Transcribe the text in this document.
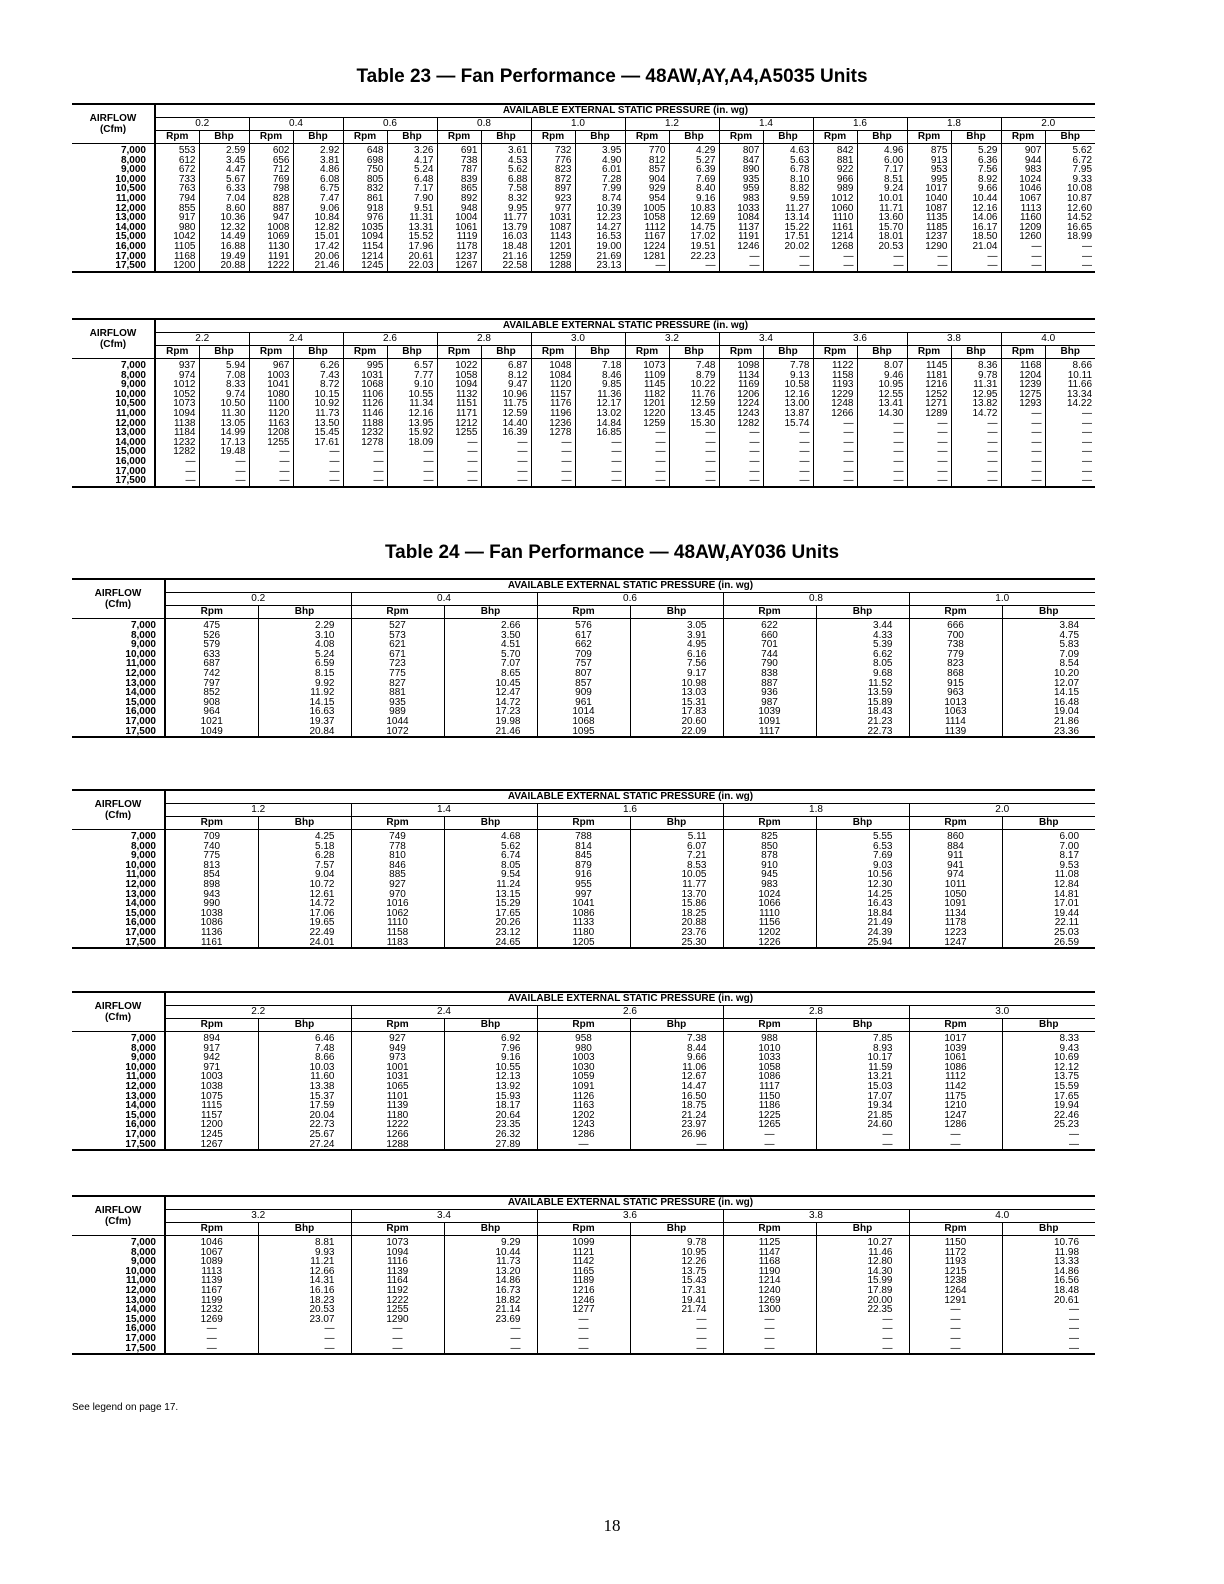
Table 23 — Fan Performance — 48AW,AY,A4,A5035 Units
AIRFLOW
(Cfm)	AVAILABLE EXTERNAL STATIC PRESSURE (in. wg)																			
	0.2		0.4		0.6		0.8		1.0		1.2		1.4		1.6		1.8		2.0	
	Rpm	Bhp	Rpm	Bhp	Rpm	Bhp	Rpm	Bhp	Rpm	Bhp	Rpm	Bhp	Rpm	Bhp	Rpm	Bhp	Rpm	Bhp	Rpm	Bhp
7,000	553	2.59	602	2.92	648	3.26	691	3.61	732	3.95	770	4.29	807	4.63	842	4.96	875	5.29	907	5.62
8,000	612	3.45	656	3.81	698	4.17	738	4.53	776	4.90	812	5.27	847	5.63	881	6.00	913	6.36	944	6.72
9,000	672	4.47	712	4.86	750	5.24	787	5.62	823	6.01	857	6.39	890	6.78	922	7.17	953	7.56	983	7.95
10,000	733	5.67	769	6.08	805	6.48	839	6.88	872	7.28	904	7.69	935	8.10	966	8.51	995	8.92	1024	9.33
10,500	763	6.33	798	6.75	832	7.17	865	7.58	897	7.99	929	8.40	959	8.82	989	9.24	1017	9.66	1046	10.08
11,000	794	7.04	828	7.47	861	7.90	892	8.32	923	8.74	954	9.16	983	9.59	1012	10.01	1040	10.44	1067	10.87
12,000	855	8.60	887	9.06	918	9.51	948	9.95	977	10.39	1005	10.83	1033	11.27	1060	11.71	1087	12.16	1113	12.60
13,000	917	10.36	947	10.84	976	11.31	1004	11.77	1031	12.23	1058	12.69	1084	13.14	1110	13.60	1135	14.06	1160	14.52
14,000	980	12.32	1008	12.82	1035	13.31	1061	13.79	1087	14.27	1112	14.75	1137	15.22	1161	15.70	1185	16.17	1209	16.65
15,000	1042	14.49	1069	15.01	1094	15.52	1119	16.03	1143	16.53	1167	17.02	1191	17.51	1214	18.01	1237	18.50	1260	18.99
16,000	1105	16.88	1130	17.42	1154	17.96	1178	18.48	1201	19.00	1224	19.51	1246	20.02	1268	20.53	1290	21.04	—	—
17,000	1168	19.49	1191	20.06	1214	20.61	1237	21.16	1259	21.69	1281	22.23	—	—	—	—	—	—	—	—
17,500	1200	20.88	1222	21.46	1245	22.03	1267	22.58	1288	23.13	—	—	—	—	—	—	—	—	—	—
AIRFLOW
(Cfm)	AVAILABLE EXTERNAL STATIC PRESSURE (in. wg)																			
	2.2		2.4		2.6		2.8		3.0		3.2		3.4		3.6		3.8		4.0	
	Rpm	Bhp	Rpm	Bhp	Rpm	Bhp	Rpm	Bhp	Rpm	Bhp	Rpm	Bhp	Rpm	Bhp	Rpm	Bhp	Rpm	Bhp	Rpm	Bhp
7,000	937	5.94	967	6.26	995	6.57	1022	6.87	1048	7.18	1073	7.48	1098	7.78	1122	8.07	1145	8.36	1168	8.66
8,000	974	7.08	1003	7.43	1031	7.77	1058	8.12	1084	8.46	1109	8.79	1134	9.13	1158	9.46	1181	9.78	1204	10.11
9,000	1012	8.33	1041	8.72	1068	9.10	1094	9.47	1120	9.85	1145	10.22	1169	10.58	1193	10.95	1216	11.31	1239	11.66
10,000	1052	9.74	1080	10.15	1106	10.55	1132	10.96	1157	11.36	1182	11.76	1206	12.16	1229	12.55	1252	12.95	1275	13.34
10,500	1073	10.50	1100	10.92	1126	11.34	1151	11.75	1176	12.17	1201	12.59	1224	13.00	1248	13.41	1271	13.82	1293	14.22
11,000	1094	11.30	1120	11.73	1146	12.16	1171	12.59	1196	13.02	1220	13.45	1243	13.87	1266	14.30	1289	14.72	—	—
12,000	1138	13.05	1163	13.50	1188	13.95	1212	14.40	1236	14.84	1259	15.30	1282	15.74	—	—	—	—	—	—
13,000	1184	14.99	1208	15.45	1232	15.92	1255	16.39	1278	16.85	—	—	—	—	—	—	—	—	—	—
14,000	1232	17.13	1255	17.61	1278	18.09	—	—	—	—	—	—	—	—	—	—	—	—	—	—
15,000	1282	19.48	—	—	—	—	—	—	—	—	—	—	—	—	—	—	—	—	—	—
16,000	—	—	—	—	—	—	—	—	—	—	—	—	—	—	—	—	—	—	—	—
17,000	—	—	—	—	—	—	—	—	—	—	—	—	—	—	—	—	—	—	—	—
17,500	—	—	—	—	—	—	—	—	—	—	—	—	—	—	—	—	—	—	—	—
Table 24 — Fan Performance — 48AW,AY036 Units
AIRFLOW
(Cfm)	AVAILABLE EXTERNAL STATIC PRESSURE (in. wg)									
	0.2		0.4		0.6		0.8		1.0	
	Rpm	Bhp	Rpm	Bhp	Rpm	Bhp	Rpm	Bhp	Rpm	Bhp
7,000	475	2.29	527	2.66	576	3.05	622	3.44	666	3.84
8,000	526	3.10	573	3.50	617	3.91	660	4.33	700	4.75
9,000	579	4.08	621	4.51	662	4.95	701	5.39	738	5.83
10,000	633	5.24	671	5.70	709	6.16	744	6.62	779	7.09
11,000	687	6.59	723	7.07	757	7.56	790	8.05	823	8.54
12,000	742	8.15	775	8.65	807	9.17	838	9.68	868	10.20
13,000	797	9.92	827	10.45	857	10.98	887	11.52	915	12.07
14,000	852	11.92	881	12.47	909	13.03	936	13.59	963	14.15
15,000	908	14.15	935	14.72	961	15.31	987	15.89	1013	16.48
16,000	964	16.63	989	17.23	1014	17.83	1039	18.43	1063	19.04
17,000	1021	19.37	1044	19.98	1068	20.60	1091	21.23	1114	21.86
17,500	1049	20.84	1072	21.46	1095	22.09	1117	22.73	1139	23.36
AIRFLOW
(Cfm)	AVAILABLE EXTERNAL STATIC PRESSURE (in. wg)									
	1.2		1.4		1.6		1.8		2.0	
	Rpm	Bhp	Rpm	Bhp	Rpm	Bhp	Rpm	Bhp	Rpm	Bhp
7,000	709	4.25	749	4.68	788	5.11	825	5.55	860	6.00
8,000	740	5.18	778	5.62	814	6.07	850	6.53	884	7.00
9,000	775	6.28	810	6.74	845	7.21	878	7.69	911	8.17
10,000	813	7.57	846	8.05	879	8.53	910	9.03	941	9.53
11,000	854	9.04	885	9.54	916	10.05	945	10.56	974	11.08
12,000	898	10.72	927	11.24	955	11.77	983	12.30	1011	12.84
13,000	943	12.61	970	13.15	997	13.70	1024	14.25	1050	14.81
14,000	990	14.72	1016	15.29	1041	15.86	1066	16.43	1091	17.01
15,000	1038	17.06	1062	17.65	1086	18.25	1110	18.84	1134	19.44
16,000	1086	19.65	1110	20.26	1133	20.88	1156	21.49	1178	22.11
17,000	1136	22.49	1158	23.12	1180	23.76	1202	24.39	1223	25.03
17,500	1161	24.01	1183	24.65	1205	25.30	1226	25.94	1247	26.59
AIRFLOW
(Cfm)	AVAILABLE EXTERNAL STATIC PRESSURE (in. wg)									
	2.2		2.4		2.6		2.8		3.0	
	Rpm	Bhp	Rpm	Bhp	Rpm	Bhp	Rpm	Bhp	Rpm	Bhp
7,000	894	6.46	927	6.92	958	7.38	988	7.85	1017	8.33
8,000	917	7.48	949	7.96	980	8.44	1010	8.93	1039	9.43
9,000	942	8.66	973	9.16	1003	9.66	1033	10.17	1061	10.69
10,000	971	10.03	1001	10.55	1030	11.06	1058	11.59	1086	12.12
11,000	1003	11.60	1031	12.13	1059	12.67	1086	13.21	1112	13.75
12,000	1038	13.38	1065	13.92	1091	14.47	1117	15.03	1142	15.59
13,000	1075	15.37	1101	15.93	1126	16.50	1150	17.07	1175	17.65
14,000	1115	17.59	1139	18.17	1163	18.75	1186	19.34	1210	19.94
15,000	1157	20.04	1180	20.64	1202	21.24	1225	21.85	1247	22.46
16,000	1200	22.73	1222	23.35	1243	23.97	1265	24.60	1286	25.23
17,000	1245	25.67	1266	26.32	1286	26.96	—	—	—	—
17,500	1267	27.24	1288	27.89	—	—	—	—	—	—
AIRFLOW
(Cfm)	AVAILABLE EXTERNAL STATIC PRESSURE (in. wg)									
	3.2		3.4		3.6		3.8		4.0	
	Rpm	Bhp	Rpm	Bhp	Rpm	Bhp	Rpm	Bhp	Rpm	Bhp
7,000	1046	8.81	1073	9.29	1099	9.78	1125	10.27	1150	10.76
8,000	1067	9.93	1094	10.44	1121	10.95	1147	11.46	1172	11.98
9,000	1089	11.21	1116	11.73	1142	12.26	1168	12.80	1193	13.33
10,000	1113	12.66	1139	13.20	1165	13.75	1190	14.30	1215	14.86
11,000	1139	14.31	1164	14.86	1189	15.43	1214	15.99	1238	16.56
12,000	1167	16.16	1192	16.73	1216	17.31	1240	17.89	1264	18.48
13,000	1199	18.23	1222	18.82	1246	19.41	1269	20.00	1291	20.61
14,000	1232	20.53	1255	21.14	1277	21.74	1300	22.35	—	—
15,000	1269	23.07	1290	23.69	—	—	—	—	—	—
16,000	—	—	—	—	—	—	—	—	—	—
17,000	—	—	—	—	—	—	—	—	—	—
17,500	—	—	—	—	—	—	—	—	—	—
See legend on page 17.
18
